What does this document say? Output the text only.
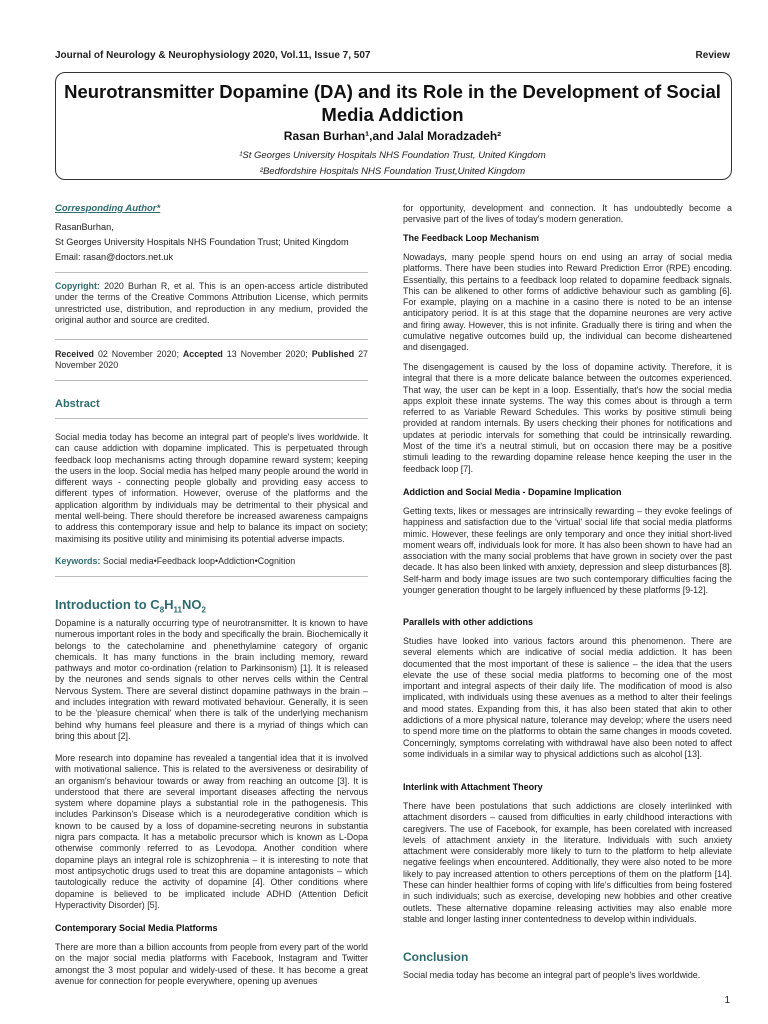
Journal of Neurology & Neurophysiology 2020, Vol.11, Issue 7, 507	Review
Neurotransmitter Dopamine (DA) and its Role in the Development of Social Media Addiction
Rasan Burhan¹,and Jalal Moradzadeh²
¹St Georges University Hospitals NHS Foundation Trust, United Kingdom
²Bedfordshire Hospitals NHS Foundation Trust,United Kingdom
Corresponding Author*
RasanBurhan,
St Georges University Hospitals NHS Foundation Trust; United Kingdom
Email: rasan@doctors.net.uk
Copyright: 2020 Burhan R, et al. This is an open-access article distributed under the terms of the Creative Commons Attribution License, which permits unrestricted use, distribution, and reproduction in any medium, provided the original author and source are credited.
Received 02 November 2020; Accepted 13 November 2020; Published 27 November 2020
Abstract
Social media today has become an integral part of people's lives worldwide. It can cause addiction with dopamine implicated. This is perpetuated through feedback loop mechanisms acting through dopamine reward system; keeping the users in the loop. Social media has helped many people around the world in different ways - connecting people globally and providing easy access to different types of information. However, overuse of the platforms and the application algorithm by individuals may be detrimental to their physical and mental well-being. There should therefore be increased awareness campaigns to address this contemporary issue and help to balance its impact on society; maximising its positive utility and minimising its potential adverse impacts.
Keywords: Social media•Feedback loop•Addiction•Cognition
Introduction to $C_8H_{11}NO_2$
Dopamine is a naturally occurring type of neurotransmitter. It is known to have numerous important roles in the body and specifically the brain. Biochemically it belongs to the catecholamine and phenethylamine category of organic chemicals. It has many functions in the brain including memory, reward pathways and motor co-ordination (relation to Parkinsonism) [1]. It is released by the neurones and sends signals to other nerves cells within the Central Nervous System. There are several distinct dopamine pathways in the brain – and includes integration with reward motivated behaviour. Generally, it is seen to be the 'pleasure chemical' when there is talk of the underlying mechanism behind why humans feel pleasure and there is a myriad of things which can bring this about [2].
More research into dopamine has revealed a tangential idea that it is involved with motivational salience. This is related to the aversiveness or desirability of an organism's behaviour towards or away from reaching an outcome [3]. It is understood that there are several important diseases affecting the nervous system where dopamine plays a substantial role in the pathogenesis. This includes Parkinson's Disease which is a neurodegerative condition which is known to be caused by a loss of dopamine-secreting neurons in substantia nigra pars compacta. It has a metabolic precursor which is known as L-Dopa otherwise commonly referred to as Levodopa. Another condition where dopamine plays an integral role is schizophrenia – it is interesting to note that most antipsychotic drugs used to treat this are dopamine antagonists – which tautologically reduce the activity of dopamine [4]. Other conditions where dopamine is believed to be implicated include ADHD (Attention Deficit Hyperactivity Disorder) [5].
Contemporary Social Media Platforms
There are more than a billion accounts from people from every part of the world on the major social media platforms with Facebook, Instagram and Twitter amongst the 3 most popular and widely-used of these. It has become a great avenue for connection for people everywhere, opening up avenues
for opportunity, development and connection. It has undoubtedly become a pervasive part of the lives of today's modern generation.
The Feedback Loop Mechanism
Nowadays, many people spend hours on end using an array of social media platforms. There have been studies into Reward Prediction Error (RPE) encoding. Essentially, this pertains to a feedback loop related to dopamine feedback signals. This can be alikened to other forms of addictive behaviour such as gambling [6]. For example, playing on a machine in a casino there is noted to be an intense anticipatory period. It is at this stage that the dopamine neurones are very active and firing away. However, this is not infinite. Gradually there is tiring and when the cumulative negative outcomes build up, the individual can become disheartened and disengaged.
The disengagement is caused by the loss of dopamine activity. Therefore, it is integral that there is a more delicate balance between the outcomes experienced. That way, the user can be kept in a loop. Essentially, that's how the social media apps exploit these innate systems. The way this comes about is through a term referred to as Variable Reward Schedules. This works by positive stimuli being provided at random internals. By users checking their phones for notifications and updates at periodic intervals for something that could be intrinsically rewarding. Most of the time it's a neutral stimuli, but on occasion there may be a positive stimuli leading to the rewarding dopamine release hence keeping the user in the feedback loop [7].
Addiction and Social Media - Dopamine Implication
Getting texts, likes or messages are intrinsically rewarding – they evoke feelings of happiness and satisfaction due to the 'virtual' social life that social media platforms mimic. However, these feelings are only temporary and once they initial short-lived moment wears off, individuals look for more. It has also been shown to have had an association with the many social problems that have grown in society over the past decade. It has also been linked with anxiety, depression and sleep disturbances [8]. Self-harm and body image issues are two such contemporary difficulties facing the younger generation thought to be largely influenced by these platforms [9-12].
Parallels with other addictions
Studies have looked into various factors around this phenomenon. There are several elements which are indicative of social media addiction. It has been documented that the most important of these is salience – the idea that the users elevate the use of these social media platforms to becoming one of the most important and integral aspects of their daily life. The modification of mood is also implicated, with individuals using these avenues as a method to alter their feelings and mood states. Expanding from this, it has also been stated that akin to other addictions of a more physical nature, tolerance may develop; where the users need to spend more time on the platforms to obtain the same changes in moods coveted. Concerningly, symptoms correlating with withdrawal have also been noted to affect some individuals in a similar way to physical addictions such as alcohol [13].
Interlink with Attachment Theory
There have been postulations that such addictions are closely interlinked with attachment disorders – caused from difficulties in early childhood interactions with caregivers. The use of Facebook, for example, has been corelated with increased levels of attachment anxiety in the literature. Individuals with such anxiety attachment were considerably more likely to turn to the platform to help alleviate negative feelings when encountered. Additionally, they were also noted to be more likely to pay increased attention to others perceptions of them on the platform [14]. These can hinder healthier forms of coping with life's difficulties from being fostered in such individuals; such as exercise, developing new hobbies and other creative outlets. These alternative dopamine releasing activities may also enable more stable and longer lasting inner contentedness to develop within individuals.
Conclusion
Social media today has become an integral part of people's lives worldwide.
1
